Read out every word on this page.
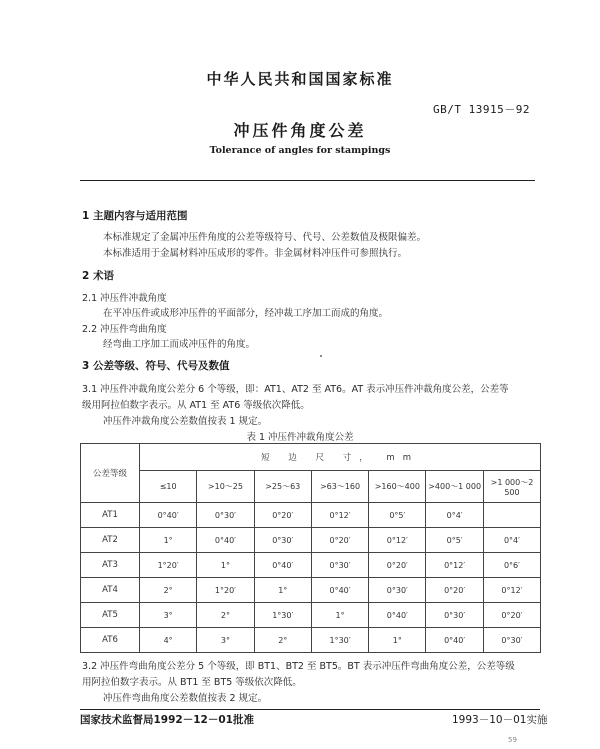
中华人民共和国国家标准
GB/T 13915－92
冲压件角度公差
Tolerance of angles for stampings
1 主题内容与适用范围
本标准规定了金属冲压件角度的公差等级符号、代号、公差数值及极限偏差。
本标准适用于金属材料冲压成形的零件。非金属材料冲压件可参照执行。
2 术语
2.1 冲压件冲裁角度
在平冲压件或成形冲压件的平面部分，经冲裁工序加工而成的角度。
2.2 冲压件弯曲角度
经弯曲工序加工而成冲压件的角度。
3 公差等级、符号、代号及数值
3.1 冲压件冲裁角度公差分 6 个等级，即：AT1、AT2 至 AT6。AT 表示冲压件冲裁角度公差，公差等
级用阿拉伯数字表示。从 AT1 至 AT6 等级依次降低。
冲压件冲裁角度公差数值按表 1 规定。
表 1 冲压件冲裁角度公差
公差等级	短 边 尺 寸， mm						
	≤10	>10～25	>25～63	>63～160	>160～400	>400～1 000	>1 000～2 500
AT1	0°40′	0°30′	0°20′	0°12′	0°5′	0°4′	
AT2	1°	0°40′	0°30′	0°20′	0°12′	0°5′	0°4′
AT3	1°20′	1°	0°40′	0°30′	0°20′	0°12′	0°6′
AT4	2°	1°20′	1°	0°40′	0°30′	0°20′	0°12′
AT5	3°	2°	1°30′	1°	0°40′	0°30′	0°20′
AT6	4°	3°	2°	1°30′	1°	0°40′	0°30′
3.2 冲压件弯曲角度公差分 5 个等级，即 BT1、BT2 至 BT5。BT 表示冲压件弯曲角度公差，公差等级
用阿拉伯数字表示。从 BT1 至 BT5 等级依次降低。
冲压件弯曲角度公差数值按表 2 规定。
国家技术监督局1992－12－01批准	1993－10－01实施
59
